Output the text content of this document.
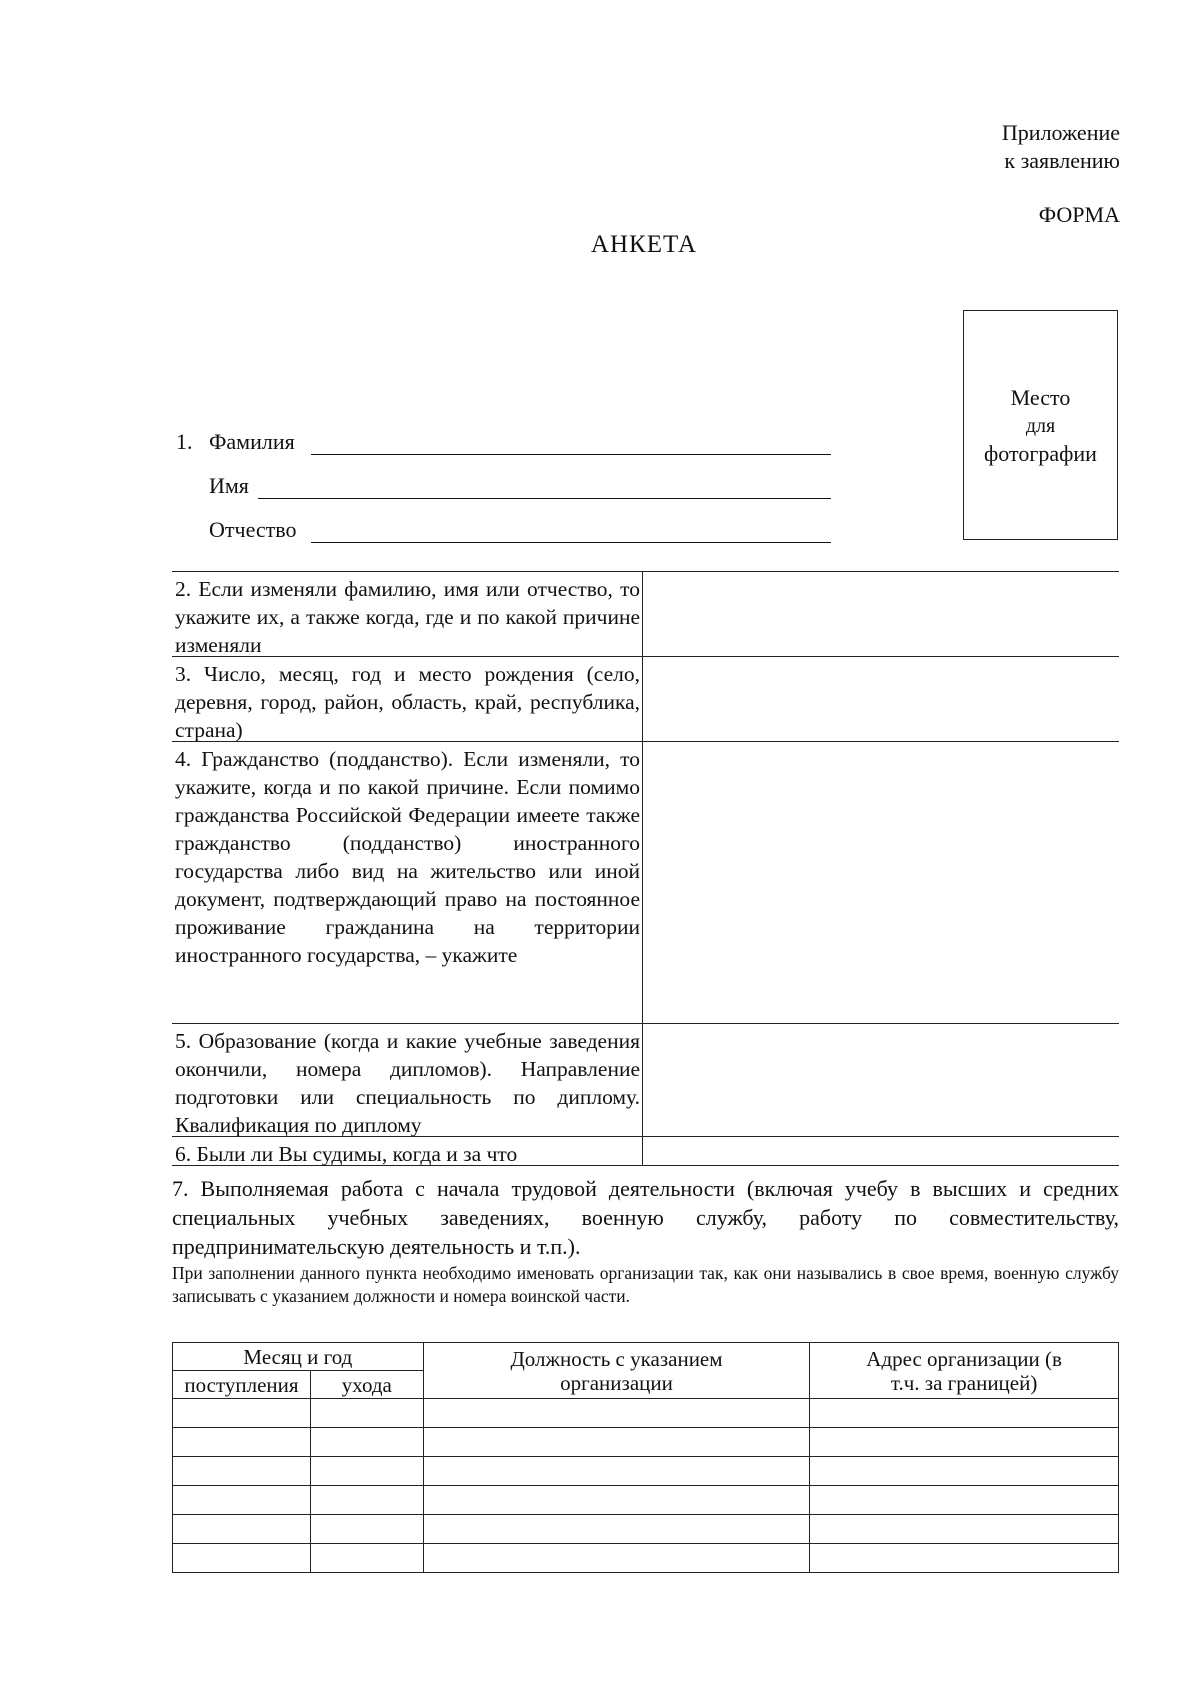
Приложение
к заявлению
ФОРМА
АНКЕТА
Место
для
фотографии
1. Фамилия
Имя
Отчество
2. Если изменяли фамилию, имя или отчество, то укажите их, а также когда, где и по какой причине изменяли
3. Число, месяц, год и место рождения (село, деревня, город, район, область, край, республика, страна)
4. Гражданство (подданство). Если изменяли, то укажите, когда и по какой причине. Если помимо гражданства Российской Федерации имеете также гражданство (подданство) иностранного государства либо вид на жительство или иной документ, подтверждающий право на постоянное проживание гражданина на территории иностранного государства, – укажите
5. Образование (когда и какие учебные заведения окончили, номера дипломов). Направление подготовки или специальность по диплому. Квалификация по диплому
6. Были ли Вы судимы, когда и за что
7. Выполняемая работа с начала трудовой деятельности (включая учебу в высших и средних специальных учебных заведениях, военную службу, работу по совместительству, предпринимательскую деятельность и т.п.).
При заполнении данного пункта необходимо именовать организации так, как они назывались в свое время, военную службу записывать с указанием должности и номера воинской части.
Месяц и год		Должность с указанием организации	Адрес организации (в т.ч. за границей)

поступления	ухода		
